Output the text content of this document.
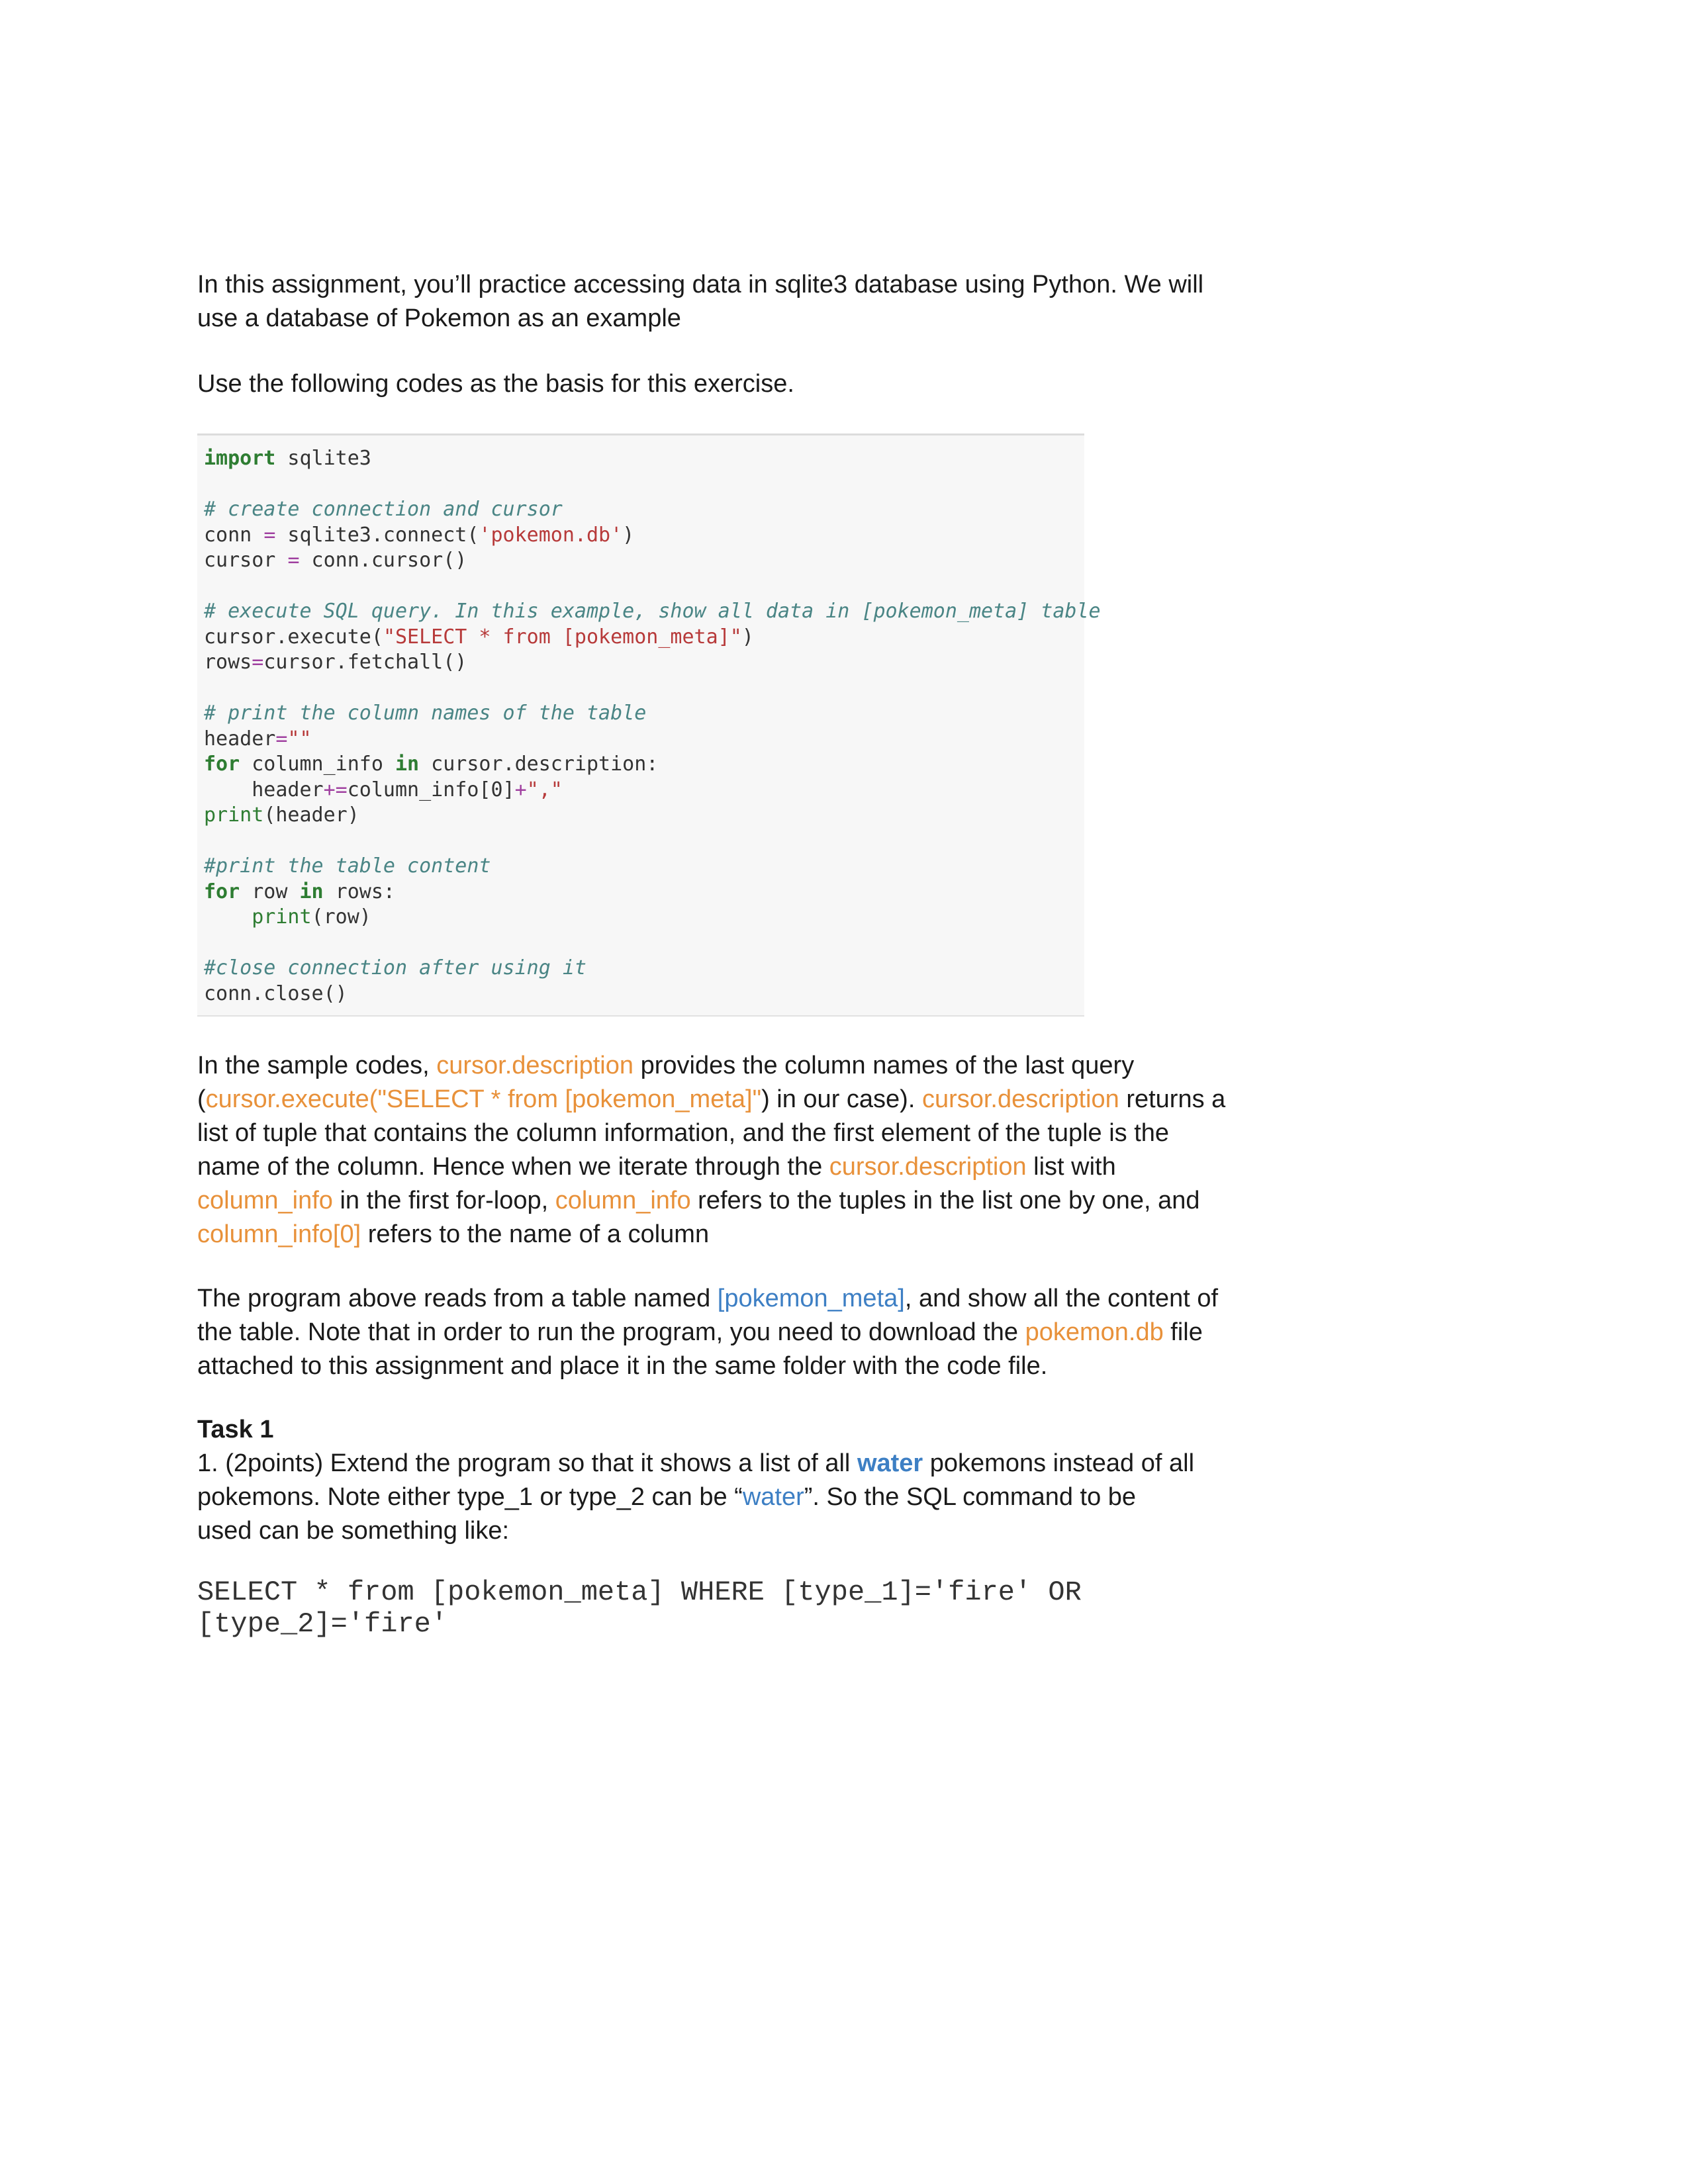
In this assignment, you’ll practice accessing data in sqlite3 database using Python. We will
use a database of Pokemon as an example

Use the following codes as the basis for this exercise.

import sqlite3
# create connection and cursor
conn = sqlite3.connect('pokemon.db')
cursor = conn.cursor()
# execute SQL query. In this example, show all data in [pokemon_meta] table
cursor.execute("SELECT * from [pokemon_meta]")
rows=cursor.fetchall()
# print the column names of the table
header=""
for column_info in cursor.description:
header+=column_info[0]+","
print(header)
#print the table content
for row in rows:
print(row)
#close connection after using it
conn.close()

In the sample codes, cursor.description provides the column names of the last query
(cursor.execute("SELECT * from [pokemon_meta]") in our case). cursor.description returns a
list of tuple that contains the column information, and the first element of the tuple is the
name of the column. Hence when we iterate through the cursor.description list with
column_info in the first for-loop, column_info refers to the tuples in the list one by one, and
column_info[0] refers to the name of a column

The program above reads from a table named [pokemon_meta], and show all the content of
the table. Note that in order to run the program, you need to download the pokemon.db file
attached to this assignment and place it in the same folder with the code file.

Task 1
1. (2points) Extend the program so that it shows a list of all water pokemons instead of all
pokemons. Note either type_1 or type_2 can be “water”. So the SQL command to be
used can be something like:

SELECT * from [pokemon_meta] WHERE [type_1]='fire' OR
[type_2]='fire'
